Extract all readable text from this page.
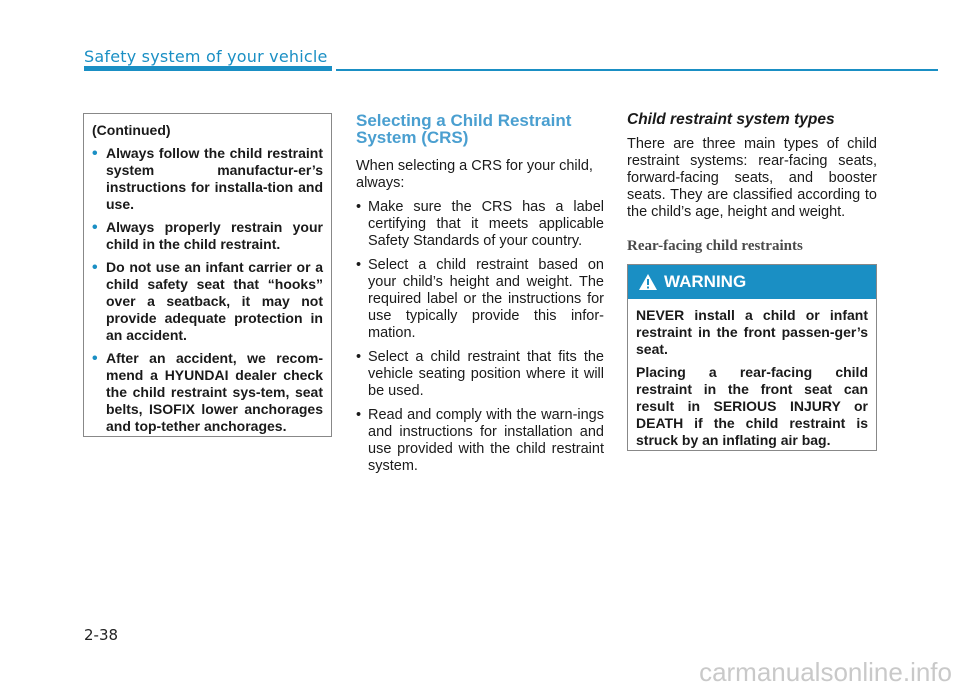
Safety system of your vehicle

(Continued)

• Always follow the child restraint system manufactur-er’s instructions for installa-tion and use.
• Always properly restrain your child in the child restraint.
• Do not use an infant carrier or a child safety seat that “hooks” over a seatback, it may not provide adequate protection in an accident.
• After an accident, we recom-mend a HYUNDAI dealer check the child restraint sys-tem, seat belts, ISOFIX lower anchorages and top-tether anchorages.
Selecting a Child Restraint System (CRS)

When selecting a CRS for your child, always:

• Make sure the CRS has a label certifying that it meets applicable Safety Standards of your country.
• Select a child restraint based on your child’s height and weight. The required label or the instructions for use typically provide this infor-mation.
• Select a child restraint that fits the vehicle seating position where it will be used.
• Read and comply with the warn-ings and instructions for installation and use provided with the child restraint system.
Child restraint system types

There are three main types of child restraint systems: rear-facing seats, forward-facing seats, and booster seats. They are classified according to the child’s age, height and weight.

Rear-facing child restraints
WARNING

NEVER install a child or infant restraint in the front passen-ger’s seat.

Placing a rear-facing child restraint in the front seat can result in SERIOUS INJURY or DEATH if the child restraint is struck by an inflating air bag.

2-38
carmanualsonline.info
